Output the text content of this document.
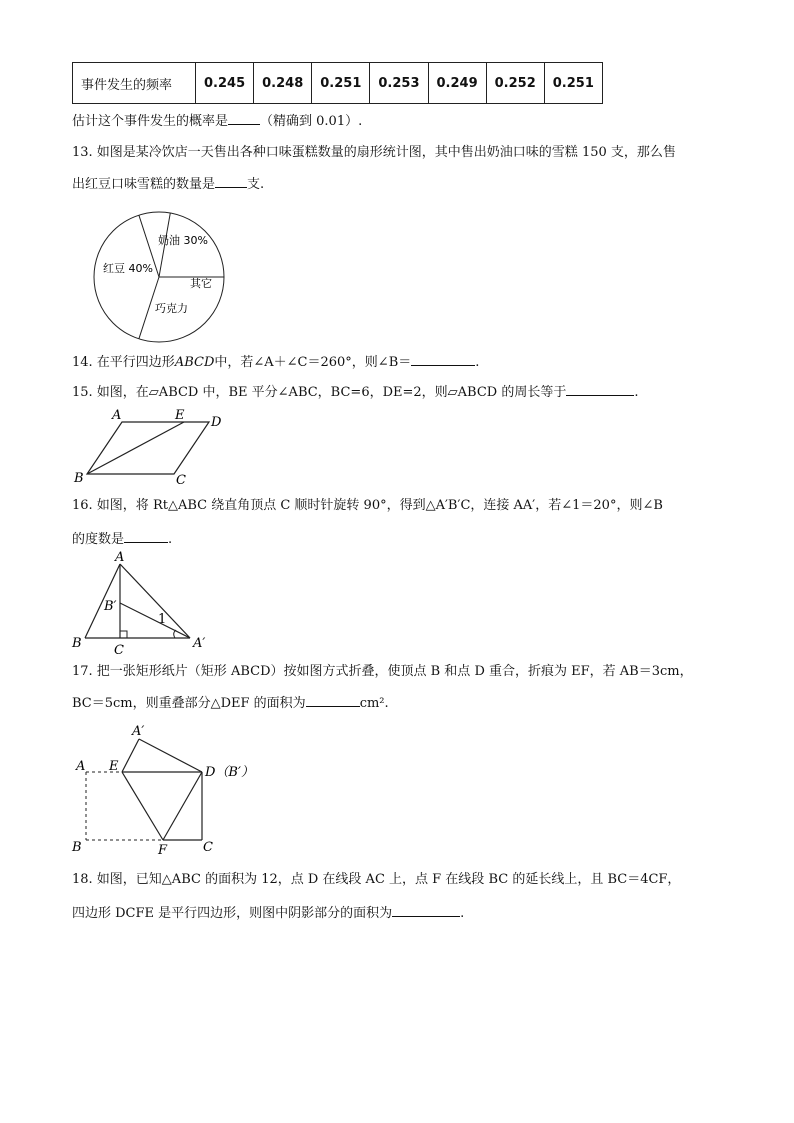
事件发生的频率	0.245	0.248	0.251	0.253	0.249	0.252	0.251
估计这个事件发生的概率是 （精确到 0.01）.
13. 如图是某冷饮店一天售出各种口味蛋糕数量的扇形统计图，其中售出奶油口味的雪糕 150 支，那么售
出红豆口味雪糕的数量是 支.
奶油 30%
其它
巧克力
红豆 40%
14. 在平行四边形ABCD中，若∠A＋∠C＝260°，则∠B＝	.
15. 如图，在▱ABCD 中，BE 平分∠ABC，BC=6，DE=2，则▱ABCD 的周长等于	.
A	E D
B	C
16. 如图，将 Rt△ABC 绕直角顶点 C 顺时针旋转 90°，得到△A′B′C，连接 AA′，若∠1＝20°，则∠B
的度数是	.
A
B′
1
B C	A′
17. 把一张矩形纸片（矩形 ABCD）按如图方式折叠，使顶点 B 和点 D 重合，折痕为 EF，若 AB＝3cm，
BC＝5cm，则重叠部分△DEF 的面积为	cm².
A′
A E	D（B′）
B	F	C
18. 如图，已知△ABC 的面积为 12，点 D 在线段 AC 上，点 F 在线段 BC 的延长线上，且 BC＝4CF，
四边形 DCFE 是平行四边形，则图中阴影部分的面积为	.
